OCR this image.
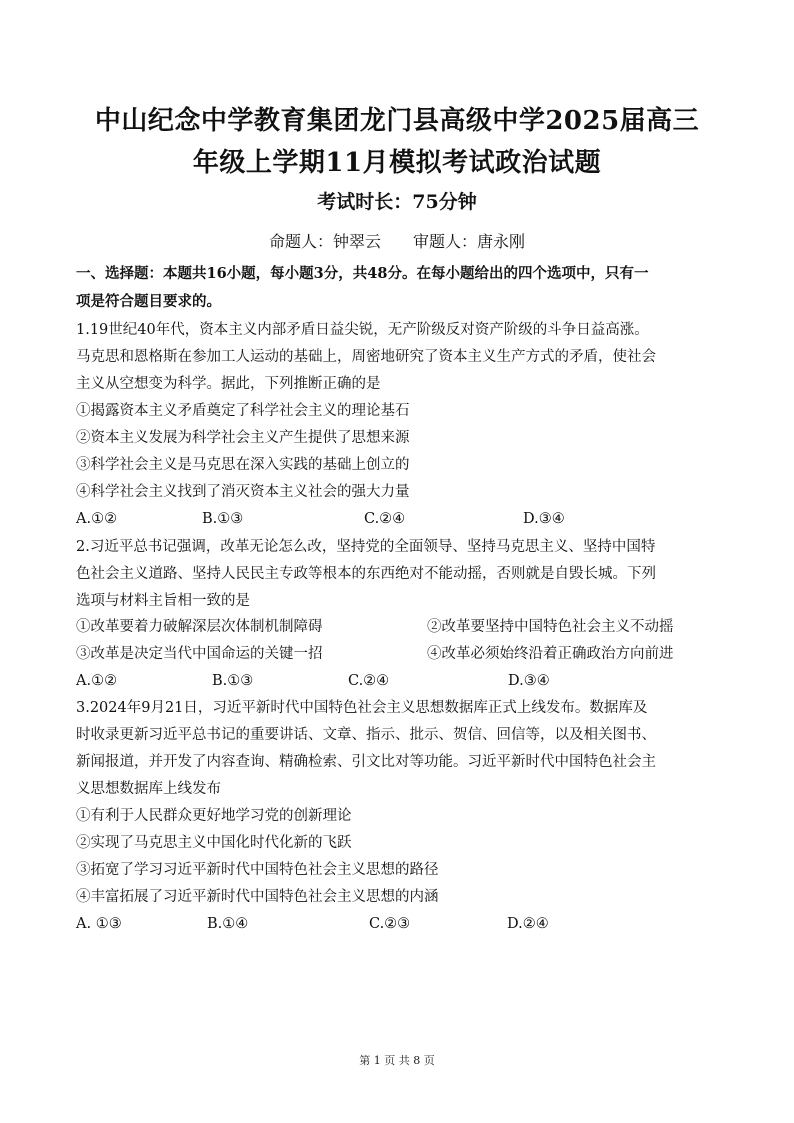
中山纪念中学教育集团龙门县高级中学2025届高三
年级上学期11月模拟考试政治试题
考试时长：75分钟
命题人：钟翠云　　审题人：唐永刚
一、选择题：本题共16小题，每小题3分，共48分。在每小题给出的四个选项中，只有一
项是符合题目要求的。
1.19世纪40年代，资本主义内部矛盾日益尖锐，无产阶级反对资产阶级的斗争日益高涨。
马克思和恩格斯在参加工人运动的基础上，周密地研究了资本主义生产方式的矛盾，使社会
主义从空想变为科学。据此，下列推断正确的是
①揭露资本主义矛盾奠定了科学社会主义的理论基石
②资本主义发展为科学社会主义产生提供了思想来源
③科学社会主义是马克思在深入实践的基础上创立的
④科学社会主义找到了消灭资本主义社会的强大力量
A.①②	B.①③	C.②④	D.③④
2.习近平总书记强调，改革无论怎么改，坚持党的全面领导、坚持马克思主义、坚持中国特
色社会主义道路、坚持人民民主专政等根本的东西绝对不能动摇，否则就是自毁长城。下列
选项与材料主旨相一致的是
①改革要着力破解深层次体制机制障碍	②改革要坚持中国特色社会主义不动摇
③改革是决定当代中国命运的关键一招	④改革必须始终沿着正确政治方向前进
A.①②	B.①③	C.②④	D.③④
3.2024年9月21日，习近平新时代中国特色社会主义思想数据库正式上线发布。数据库及
时收录更新习近平总书记的重要讲话、文章、指示、批示、贺信、回信等，以及相关图书、
新闻报道，并开发了内容查询、精确检索、引文比对等功能。习近平新时代中国特色社会主
义思想数据库上线发布
①有利于人民群众更好地学习党的创新理论
②实现了马克思主义中国化时代化新的飞跃
③拓宽了学习习近平新时代中国特色社会主义思想的路径
④丰富拓展了习近平新时代中国特色社会主义思想的内涵
A. ①③	B.①④	C.②③	D.②④
第 1 页 共 8 页
